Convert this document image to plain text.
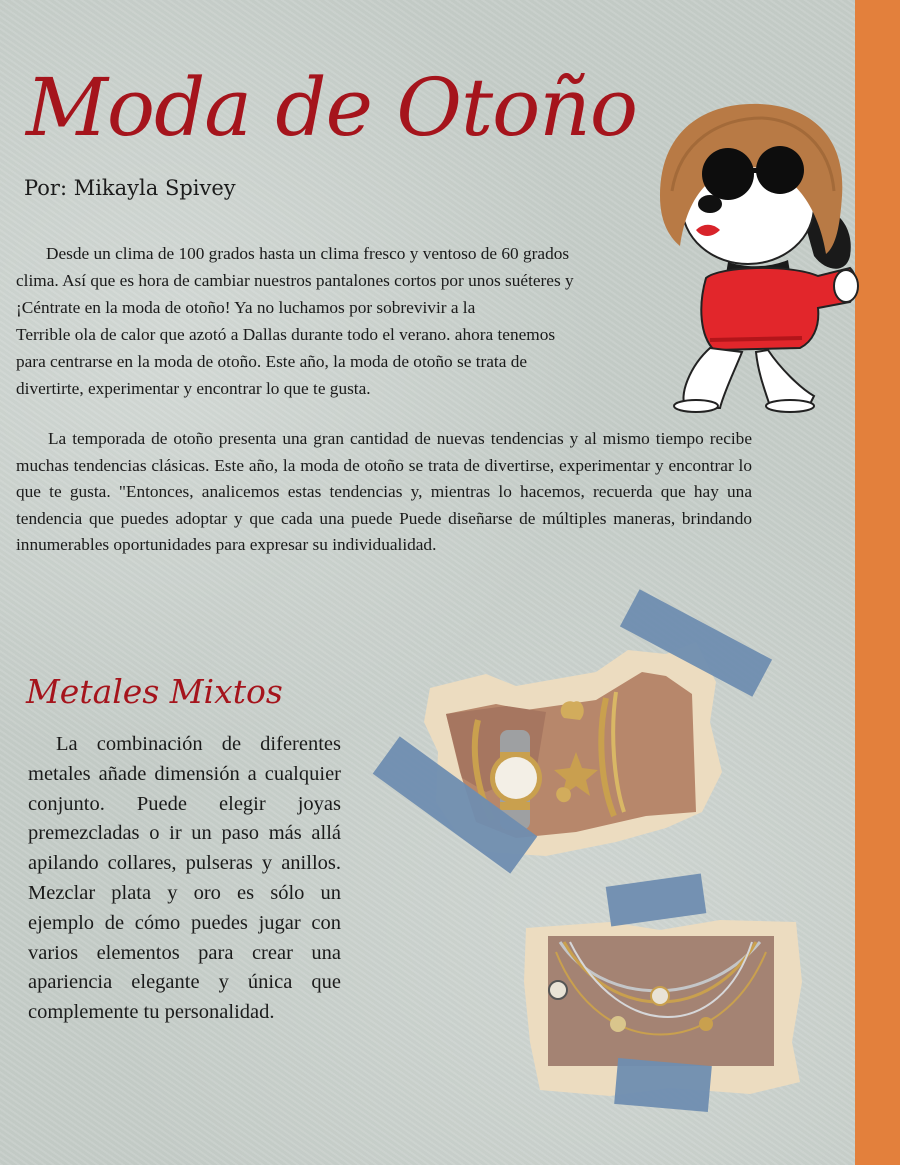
Moda de Otoño
Por: Mikayla Spivey

Desde un clima de 100 grados hasta un clima fresco y ventoso de 60 grados
clima. Así que es hora de cambiar nuestros pantalones cortos por unos suéteres y
¡Céntrate en la moda de otoño! Ya no luchamos por sobrevivir a la
Terrible ola de calor que azotó a Dallas durante todo el verano. ahora tenemos
para centrarse en la moda de otoño. Este año, la moda de otoño se trata de
divertirte, experimentar y encontrar lo que te gusta.

La temporada de otoño presenta una gran cantidad de nuevas tendencias y al mismo tiempo recibe muchas tendencias clásicas. Este año, la moda de otoño se trata de divertirse, experimentar y encontrar lo que te gusta. "Entonces, analicemos estas tendencias y, mientras lo hacemos, recuerda que hay una tendencia que puedes adoptar y que cada una puede Puede diseñarse de múltiples maneras, brindando innumerables oportunidades para expresar su individualidad.

Metales Mixtos

La combinación de diferentes metales añade dimensión a cualquier conjunto. Puede elegir joyas premezcladas o ir un paso más allá apilando collares, pulseras y anillos. Mezclar plata y oro es sólo un ejemplo de cómo puedes jugar con varios elementos para crear una apariencia elegante y única que complemente tu personalidad.
